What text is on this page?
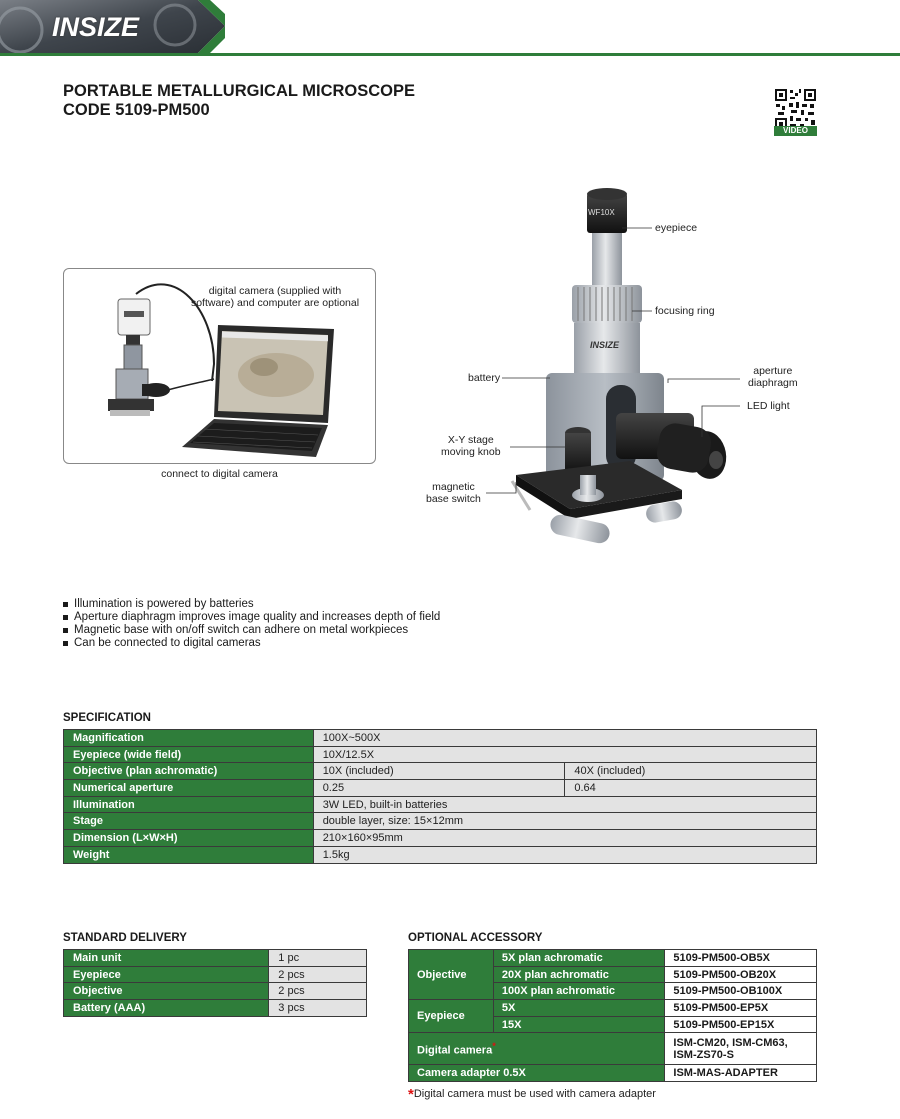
INSIZE
PORTABLE METALLURGICAL MICROSCOPE
CODE 5109-PM500
VIDEO
digital camera (supplied with software) and computer are optional
connect to digital camera
WF10X
INSIZE
eyepiece
focusing ring
battery
aperture
diaphragm
LED light
X-Y stage
moving knob
magnetic
base switch
Illumination is powered by batteries
Aperture diaphragm improves image quality and increases depth of field
Magnetic base with on/off switch can adhere on metal workpieces
Can be connected to digital cameras
SPECIFICATION
Magnification	100X~500X	
Eyepiece (wide field)	10X/12.5X	
Objective (plan achromatic)	10X (included)	40X (included)
Numerical aperture	0.25	0.64
Illumination	3W LED, built-in batteries	
Stage	double layer, size: 15×12mm	
Dimension (L×W×H)	210×160×95mm	
Weight	1.5kg	
STANDARD DELIVERY
Main unit	1 pc
Eyepiece	2 pcs
Objective	2 pcs
Battery (AAA)	3 pcs
OPTIONAL ACCESSORY
Objective	5X plan achromatic	5109-PM500-OB5X
	20X plan achromatic	5109-PM500-OB20X
	100X plan achromatic	5109-PM500-OB100X
Eyepiece	5X	5109-PM500-EP5X
	15X	5109-PM500-EP15X
Digital camera*		ISM-CM20, ISM-CM63,
ISM-ZS70-S

Camera adapter 0.5X		ISM-MAS-ADAPTER
*Digital camera must be used with camera adapter
